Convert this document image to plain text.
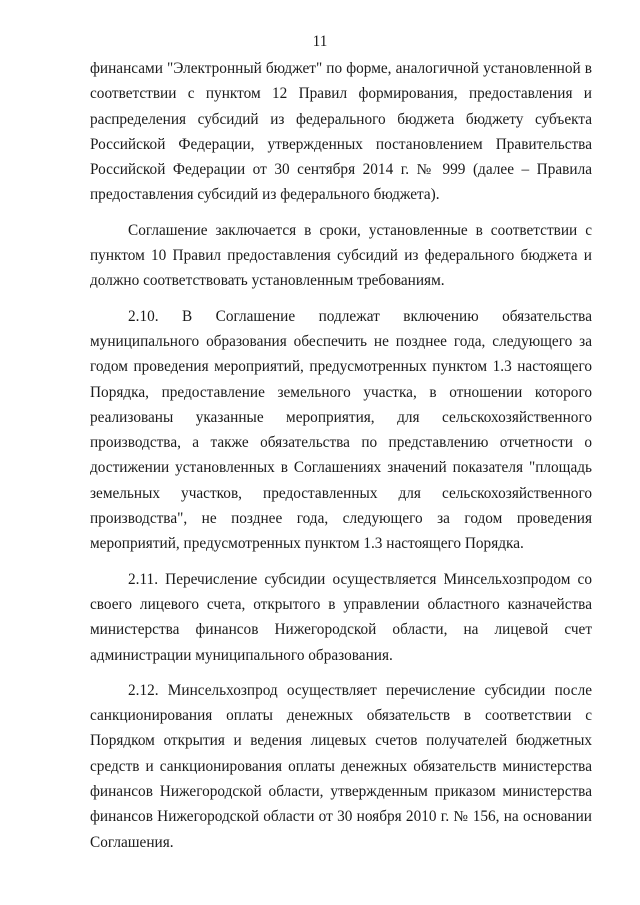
11

финансами "Электронный бюджет" по форме, аналогичной установленной в соответствии с пунктом 12 Правил формирования, предоставления и распределения субсидий из федерального бюджета бюджету субъекта Российской Федерации, утвержденных постановлением Правительства Российской Федерации от 30 сентября 2014 г. № 999 (далее – Правила предоставления субсидий из федерального бюджета).

Соглашение заключается в сроки, установленные в соответствии с пунктом 10 Правил предоставления субсидий из федерального бюджета и должно соответствовать установленным требованиям.

2.10. В Соглашение подлежат включению обязательства муниципального образования обеспечить не позднее года, следующего за годом проведения мероприятий, предусмотренных пунктом 1.3 настоящего Порядка, предоставление земельного участка, в отношении которого реализованы указанные мероприятия, для сельскохозяйственного производства, а также обязательства по представлению отчетности о достижении установленных в Соглашениях значений показателя "площадь земельных участков, предоставленных для сельскохозяйственного производства", не позднее года, следующего за годом проведения мероприятий, предусмотренных пунктом 1.3 настоящего Порядка.

2.11. Перечисление субсидии осуществляется Минсельхозпродом со своего лицевого счета, открытого в управлении областного казначейства министерства финансов Нижегородской области, на лицевой счет администрации муниципального образования.

2.12. Минсельхозпрод осуществляет перечисление субсидии после санкционирования оплаты денежных обязательств в соответствии с Порядком открытия и ведения лицевых счетов получателей бюджетных средств и санкционирования оплаты денежных обязательств министерства финансов Нижегородской области, утвержденным приказом министерства финансов Нижегородской области от 30 ноября 2010 г. № 156, на основании Соглашения.
